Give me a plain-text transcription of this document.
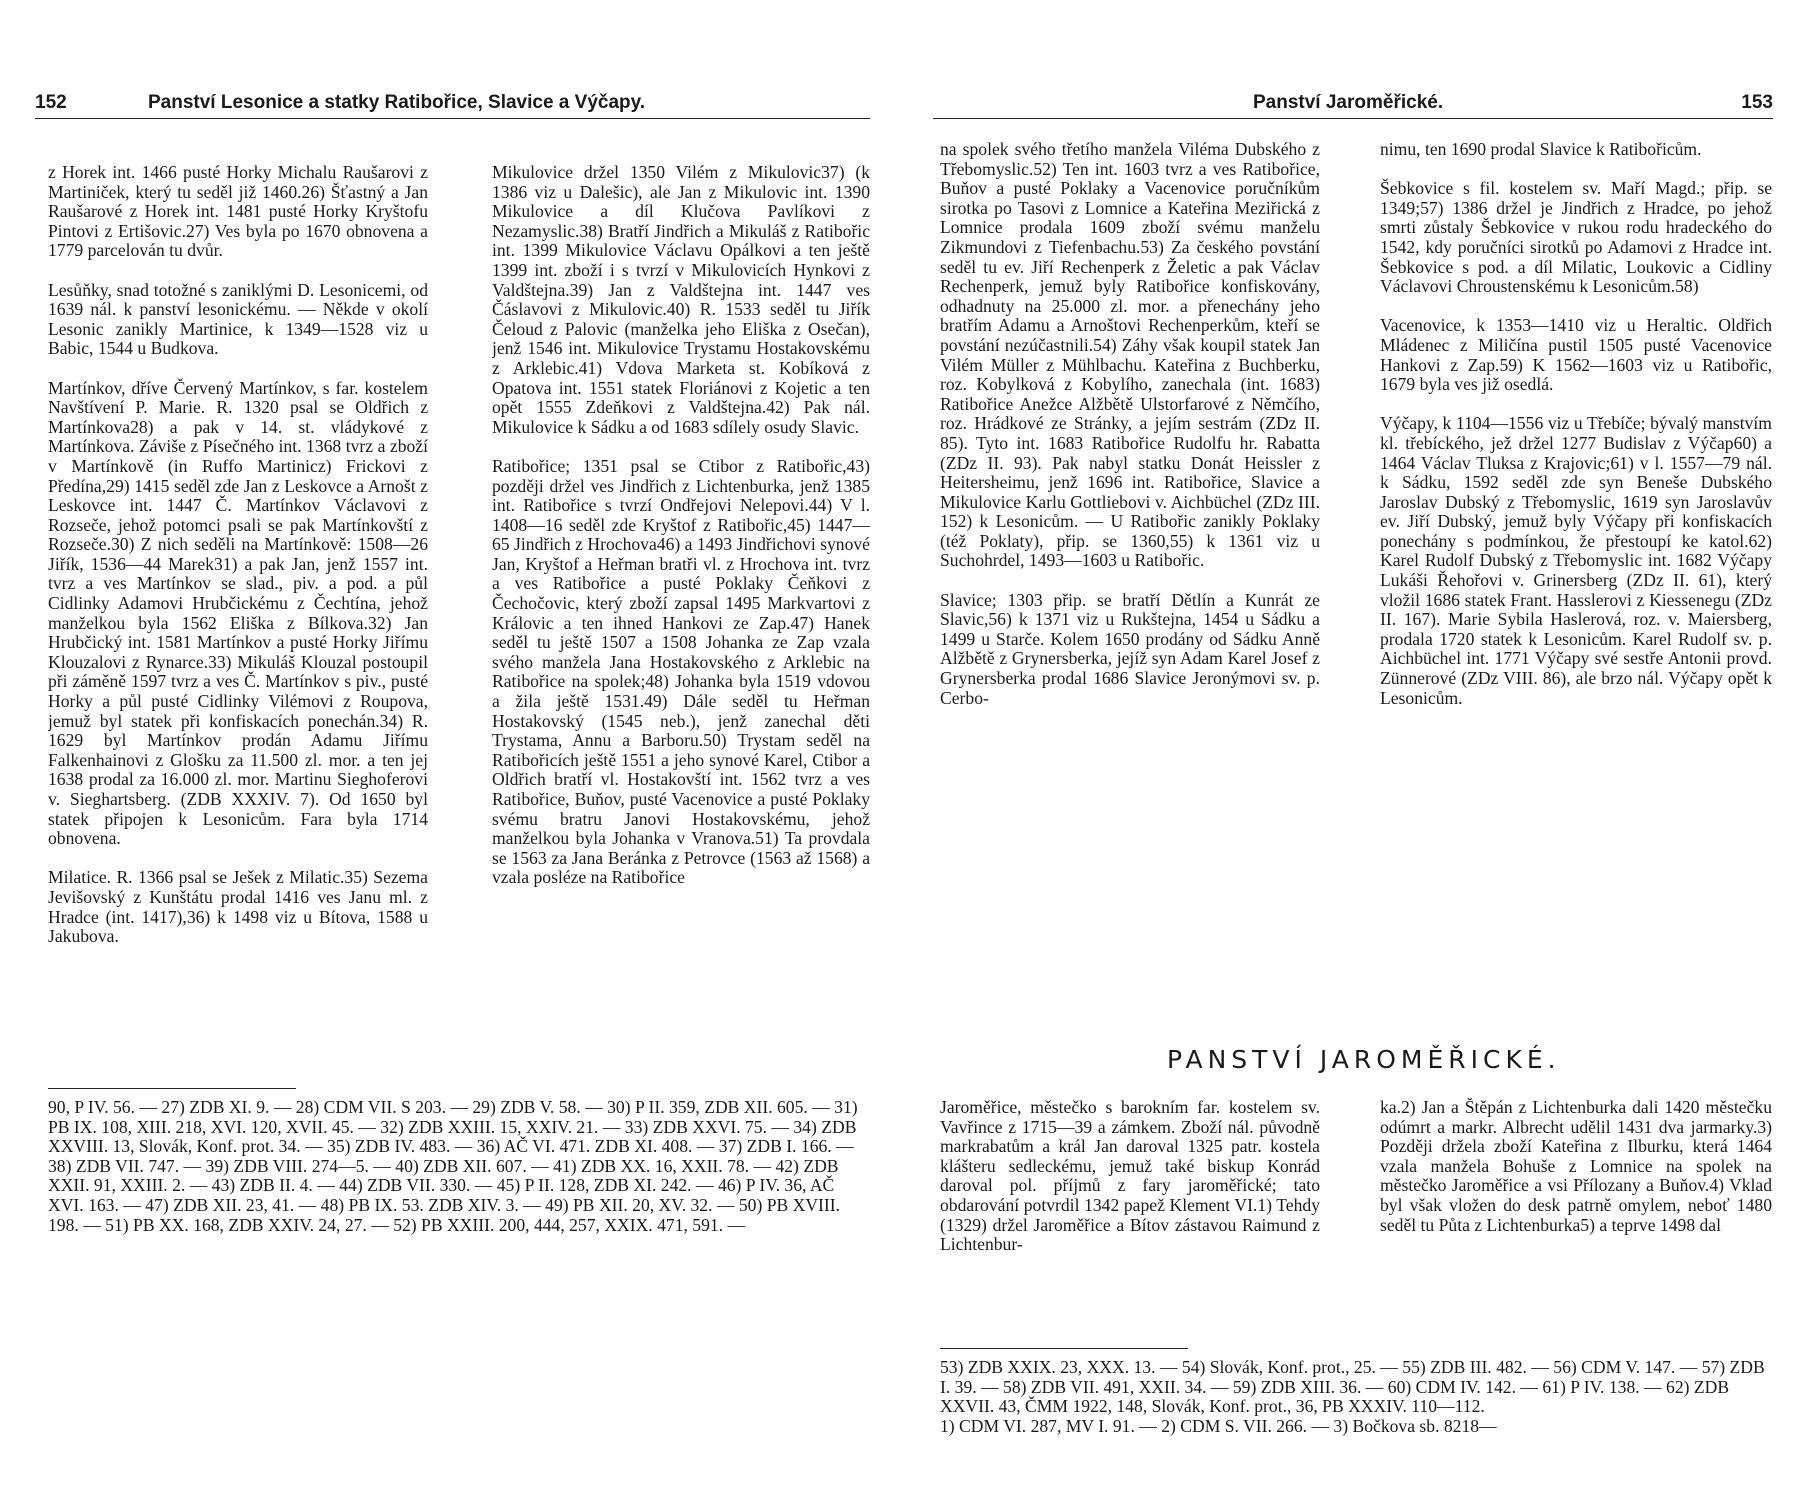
152	Panství Lesonice a statky Ratibořice, Slavice a Výčapy.
z Horek int. 1466 pusté Horky Michalu Raušarovi z Martiniček, který tu seděl již 1460.26) Šťastný a Jan Raušarové z Horek int. 1481 pusté Horky Kryštofu Pintovi z Ertišovic.27) Ves byla po 1670 obnovena a 1779 parcelován tu dvůr.

Lesůňky, snad totožné s zaniklými D. Lesonicemi, od 1639 nál. k panství lesonickému. — Někde v okolí Lesonic zanikly Martinice, k 1349—1528 viz u Babic, 1544 u Budkova.

Martínkov, dříve Červený Martínkov, s far. kostelem Navštívení P. Marie. R. 1320 psal se Oldřich z Martínkova28) a pak v 14. st. vládykové z Martínkova. Záviše z Písečného int. 1368 tvrz a zboží v Martínkově (in Ruffo Martinicz) Frickovi z Předína,29) 1415 seděl zde Jan z Leskovce a Arnošt z Leskovce int. 1447 Č. Martínkov Václavovi z Rozseče, jehož potomci psali se pak Martínkovští z Rozseče.30) Z nich seděli na Martínkově: 1508—26 Jiřík, 1536—44 Marek31) a pak Jan, jenž 1557 int. tvrz a ves Martínkov se slad., piv. a pod. a půl Cidlinky Adamovi Hrubčickému z Čechtína, jehož manželkou byla 1562 Eliška z Bílkova.32) Jan Hrubčický int. 1581 Martínkov a pusté Horky Jiřímu Klouzalovi z Rynarce.33) Mikuláš Klouzal postoupil při záměně 1597 tvrz a ves Č. Martínkov s piv., pusté Horky a půl pusté Cidlinky Vilémovi z Roupova, jemuž byl statek při konfiskacích ponechán.34) R. 1629 byl Martínkov prodán Adamu Jiřímu Falkenhainovi z Glošku za 11.500 zl. mor. a ten jej 1638 prodal za 16.000 zl. mor. Martinu Sieghoferovi v. Sieghartsberg. (ZDB XXXIV. 7). Od 1650 byl statek připojen k Lesonicům. Fara byla 1714 obnovena.

Milatice. R. 1366 psal se Ješek z Milatic.35) Sezema Jevišovský z Kunštátu prodal 1416 ves Janu ml. z Hradce (int. 1417),36) k 1498 viz u Bítova, 1588 u Jakubova.
Mikulovice držel 1350 Vilém z Mikulovic37) (k 1386 viz u Dalešic), ale Jan z Mikulovic int. 1390 Mikulovice a díl Klučova Pavlíkovi z Nezamyslic.38) Bratří Jindřich a Mikuláš z Ratibořic int. 1399 Mikulovice Václavu Opálkovi a ten ještě 1399 int. zboží i s tvrzí v Mikulovicích Hynkovi z Valdštejna.39) Jan z Valdštejna int. 1447 ves Čáslavovi z Mikulovic.40) R. 1533 seděl tu Jiřík Čeloud z Palovic (manželka jeho Eliška z Osečan), jenž 1546 int. Mikulovice Trystamu Hostakovskému z Arklebic.41) Vdova Marketa st. Kobíková z Opatova int. 1551 statek Floriánovi z Kojetic a ten opět 1555 Zdeňkovi z Valdštejna.42) Pak nál. Mikulovice k Sádku a od 1683 sdílely osudy Slavic.

Ratibořice; 1351 psal se Ctibor z Ratibořic,43) později držel ves Jindřich z Lichtenburka, jenž 1385 int. Ratibořice s tvrzí Ondřejovi Nelepovi.44) V l. 1408—16 seděl zde Kryštof z Ratibořic,45) 1447—65 Jindřich z Hrochova46) a 1493 Jindřichovi synové Jan, Kryštof a Heřman bratři vl. z Hrochova int. tvrz a ves Ratibořice a pusté Poklaky Čeňkovi z Čechočovic, který zboží zapsal 1495 Markvartovi z Královic a ten ihned Hankovi ze Zap.47) Hanek seděl tu ještě 1507 a 1508 Johanka ze Zap vzala svého manžela Jana Hostakovského z Arklebic na Ratibořice na spolek;48) Johanka byla 1519 vdovou a žila ještě 1531.49) Dále seděl tu Heřman Hostakovský (1545 neb.), jenž zanechal děti Trystama, Annu a Barboru.50) Trystam seděl na Ratibořicích ještě 1551 a jeho synové Karel, Ctibor a Oldřich bratří vl. Hostakovští int. 1562 tvrz a ves Ratibořice, Buňov, pusté Vacenovice a pusté Poklaky svému bratru Janovi Hostakovskému, jehož manželkou byla Johanka v Vranova.51) Ta provdala se 1563 za Jana Beránka z Petrovce (1563 až 1568) a vzala posléze na Ratibořice
90, P IV. 56. — 27) ZDB XI. 9. — 28) CDM VII. S 203. — 29) ZDB V. 58. — 30) P II. 359, ZDB XII. 605. — 31) PB IX. 108, XIII. 218, XVI. 120, XVII. 45. — 32) ZDB XXIII. 15, XXIV. 21. — 33) ZDB XXVI. 75. — 34) ZDB XXVIII. 13, Slovák, Konf. prot. 34. — 35) ZDB IV. 483. — 36) AČ VI. 471. ZDB XI. 408. — 37) ZDB I. 166. — 38) ZDB VII. 747. — 39) ZDB VIII. 274—5. — 40) ZDB XII. 607. — 41) ZDB XX. 16, XXII. 78. — 42) ZDB XXII. 91, XXIII. 2. — 43) ZDB II. 4. — 44) ZDB VII. 330. — 45) P II. 128, ZDB XI. 242. — 46) P IV. 36, AČ XVI. 163. — 47) ZDB XII. 23, 41. — 48) PB IX. 53. ZDB XIV. 3. — 49) PB XII. 20, XV. 32. — 50) PB XVIII. 198. — 51) PB XX. 168, ZDB XXIV. 24, 27. — 52) PB XXIII. 200, 444, 257, XXIX. 471, 591. —
Panství Jaroměřické.	153
na spolek svého třetího manžela Viléma Dubského z Třebomyslic.52) Ten int. 1603 tvrz a ves Ratibořice, Buňov a pusté Poklaky a Vacenovice poručníkům sirotka po Tasovi z Lomnice a Kateřina Meziřická z Lomnice prodala 1609 zboží svému manželu Zikmundovi z Tiefenbachu.53) Za českého povstání seděl tu ev. Jiří Rechenperk z Želetic a pak Václav Rechenperk, jemuž byly Ratibořice konfiskovány, odhadnuty na 25.000 zl. mor. a přenechány jeho bratřím Adamu a Arnoštovi Rechenperkům, kteří se povstání nezúčastnili.54) Záhy však koupil statek Jan Vilém Müller z Mühlbachu. Kateřina z Buchberku, roz. Kobylková z Kobylího, zanechala (int. 1683) Ratibořice Anežce Alžbětě Ulstorfarové z Němčího, roz. Hrádkové ze Stránky, a jejím sestrám (ZDz II. 85). Tyto int. 1683 Ratibořice Rudolfu hr. Rabatta (ZDz II. 93). Pak nabyl statku Donát Heissler z Heitersheimu, jenž 1696 int. Ratibořice, Slavice a Mikulovice Karlu Gottliebovi v. Aichbüchel (ZDz III. 152) k Lesonicům. — U Ratibořic zanikly Poklaky (též Poklaty), přip. se 1360,55) k 1361 viz u Suchohrdel, 1493—1603 u Ratibořic.

Slavice; 1303 přip. se bratří Dětlín a Kunrát ze Slavic,56) k 1371 viz u Rukštejna, 1454 u Sádku a 1499 u Starče. Kolem 1650 prodány od Sádku Anně Alžbětě z Grynersberka, jejíž syn Adam Karel Josef z Grynersberka prodal 1686 Slavice Jeronýmovi sv. p. Cerbo-
nimu, ten 1690 prodal Slavice k Ratibořicům.

Šebkovice s fil. kostelem sv. Maří Magd.; přip. se 1349;57) 1386 držel je Jindřich z Hradce, po jehož smrti zůstaly Šebkovice v rukou rodu hradeckého do 1542, kdy poručníci sirotků po Adamovi z Hradce int. Šebkovice s pod. a díl Milatic, Loukovic a Cidliny Václavovi Chroustenskému k Lesonicům.58)

Vacenovice, k 1353—1410 viz u Heraltic. Oldřich Mládenec z Miličína pustil 1505 pusté Vacenovice Hankovi z Zap.59) K 1562—1603 viz u Ratibořic, 1679 byla ves již osedlá.

Výčapy, k 1104—1556 viz u Třebíče; bývalý manstvím kl. třebíckého, jež držel 1277 Budislav z Výčap60) a 1464 Václav Tluksa z Krajovic;61) v l. 1557—79 nál. k Sádku, 1592 seděl zde syn Beneše Dubského Jaroslav Dubský z Třebomyslic, 1619 syn Jaroslavův ev. Jiří Dubský, jemuž byly Výčapy při konfiskacích ponechány s podmínkou, že přestoupí ke katol.62) Karel Rudolf Dubský z Třebomyslic int. 1682 Výčapy Lukáši Řehořovi v. Grinersberg (ZDz II. 61), který vložil 1686 statek Frant. Hasslerovi z Kiessenegu (ZDz II. 167). Marie Sybila Haslerová, roz. v. Maiersberg, prodala 1720 statek k Lesonicům. Karel Rudolf sv. p. Aichbüchel int. 1771 Výčapy své sestře Antonii provd. Zünnerové (ZDz VIII. 86), ale brzo nál. Výčapy opět k Lesonicům.
PANSTVÍ JAROMĚŘICKÉ.
Jaroměřice, městečko s barokním far. kostelem sv. Vavřince z 1715—39 a zámkem. Zboží nál. původně markrabatům a král Jan daroval 1325 patr. kostela klášteru sedleckému, jemuž také biskup Konrád daroval pol. příjmů z fary jaroměřické; tato obdarování potvrdil 1342 papež Klement VI.1) Tehdy (1329) držel Jaroměřice a Bítov zástavou Raimund z Lichtenbur-
ka.2) Jan a Štěpán z Lichtenburka dali 1420 městečku odúmrt a markr. Albrecht udělil 1431 dva jarmarky.3) Později držela zboží Kateřina z Ilburku, která 1464 vzala manžela Bohuše z Lomnice na spolek na městečko Jaroměřice a vsi Přílozany a Buňov.4) Vklad byl však vložen do desk patrně omylem, neboť 1480 seděl tu Půta z Lichtenburka5) a teprve 1498 dal
53) ZDB XXIX. 23, XXX. 13. — 54) Slovák, Konf. prot., 25. — 55) ZDB III. 482. — 56) CDM V. 147. — 57) ZDB I. 39. — 58) ZDB VII. 491, XXII. 34. — 59) ZDB XIII. 36. — 60) CDM IV. 142. — 61) P IV. 138. — 62) ZDB XXVII. 43, ČMM 1922, 148, Slovák, Konf. prot., 36, PB XXXIV. 110—112.
1) CDM VI. 287, MV I. 91. — 2) CDM S. VII. 266. — 3) Bočkova sb. 8218—
